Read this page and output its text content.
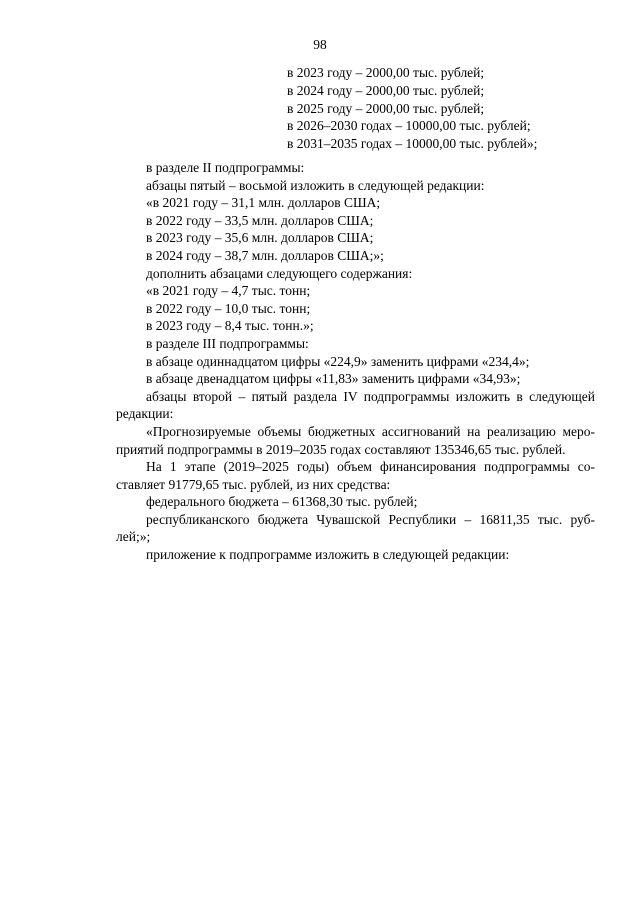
98
в 2023 году – 2000,00 тыс. рублей;
в 2024 году – 2000,00 тыс. рублей;
в 2025 году – 2000,00 тыс. рублей;
в 2026–2030 годах – 10000,00 тыс. рублей;
в 2031–2035 годах – 10000,00 тыс. рублей»;
в разделе II подпрограммы:
абзацы пятый – восьмой изложить в следующей редакции:
«в 2021 году – 31,1 млн. долларов США;
в 2022 году – 33,5 млн. долларов США;
в 2023 году – 35,6 млн. долларов США;
в 2024 году – 38,7 млн. долларов США;»;
дополнить абзацами следующего содержания:
«в 2021 году – 4,7 тыс. тонн;
в 2022 году – 10,0 тыс. тонн;
в 2023 году – 8,4 тыс. тонн.»;
в разделе III подпрограммы:
в абзаце одиннадцатом цифры «224,9» заменить цифрами «234,4»;
в абзаце двенадцатом цифры «11,83» заменить цифрами «34,93»;
абзацы второй – пятый раздела IV подпрограммы изложить в следующей
редакции:
«Прогнозируемые объемы бюджетных ассигнований на реализацию меро-
приятий подпрограммы в 2019–2035 годах составляют 135346,65 тыс. рублей.
На 1 этапе (2019–2025 годы) объем финансирования подпрограммы со-
ставляет 91779,65 тыс. рублей, из них средства:
федерального бюджета – 61368,30 тыс. рублей;
республиканского бюджета Чувашской Республики – 16811,35 тыс. руб-
лей;»;
приложение к подпрограмме изложить в следующей редакции:
